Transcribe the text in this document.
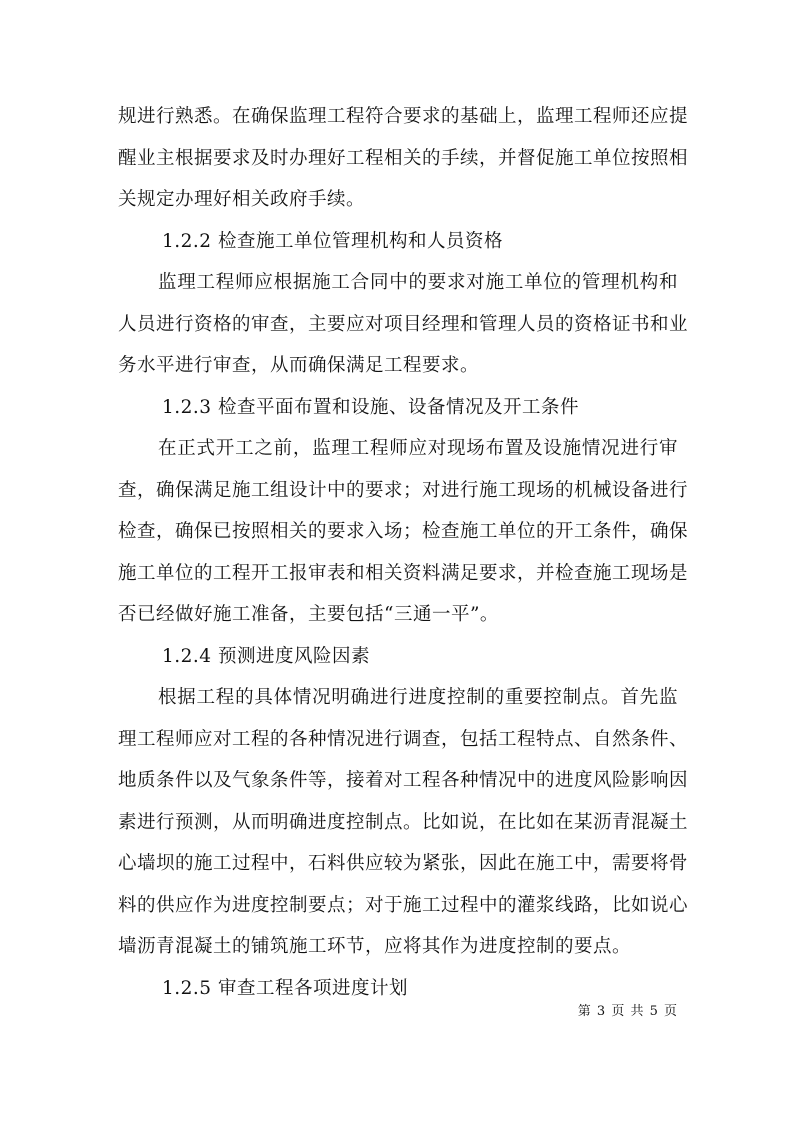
规进行熟悉。在确保监理工程符合要求的基础上，监理工程师还应提
醒业主根据要求及时办理好工程相关的手续，并督促施工单位按照相
关规定办理好相关政府手续。
1.2.2 检查施工单位管理机构和人员资格
监理工程师应根据施工合同中的要求对施工单位的管理机构和
人员进行资格的审查，主要应对项目经理和管理人员的资格证书和业
务水平进行审查，从而确保满足工程要求。
1.2.3 检查平面布置和设施、设备情况及开工条件
在正式开工之前，监理工程师应对现场布置及设施情况进行审
查，确保满足施工组设计中的要求；对进行施工现场的机械设备进行
检查，确保已按照相关的要求入场；检查施工单位的开工条件，确保
施工单位的工程开工报审表和相关资料满足要求，并检查施工现场是
否已经做好施工准备，主要包括“三通一平”。
1.2.4 预测进度风险因素
根据工程的具体情况明确进行进度控制的重要控制点。首先监
理工程师应对工程的各种情况进行调查，包括工程特点、自然条件、
地质条件以及气象条件等，接着对工程各种情况中的进度风险影响因
素进行预测，从而明确进度控制点。比如说，在比如在某沥青混凝土
心墙坝的施工过程中，石料供应较为紧张，因此在施工中，需要将骨
料的供应作为进度控制要点；对于施工过程中的灌浆线路，比如说心
墙沥青混凝土的铺筑施工环节，应将其作为进度控制的要点。
1.2.5 审查工程各项进度计划
第 3 页 共 5 页
